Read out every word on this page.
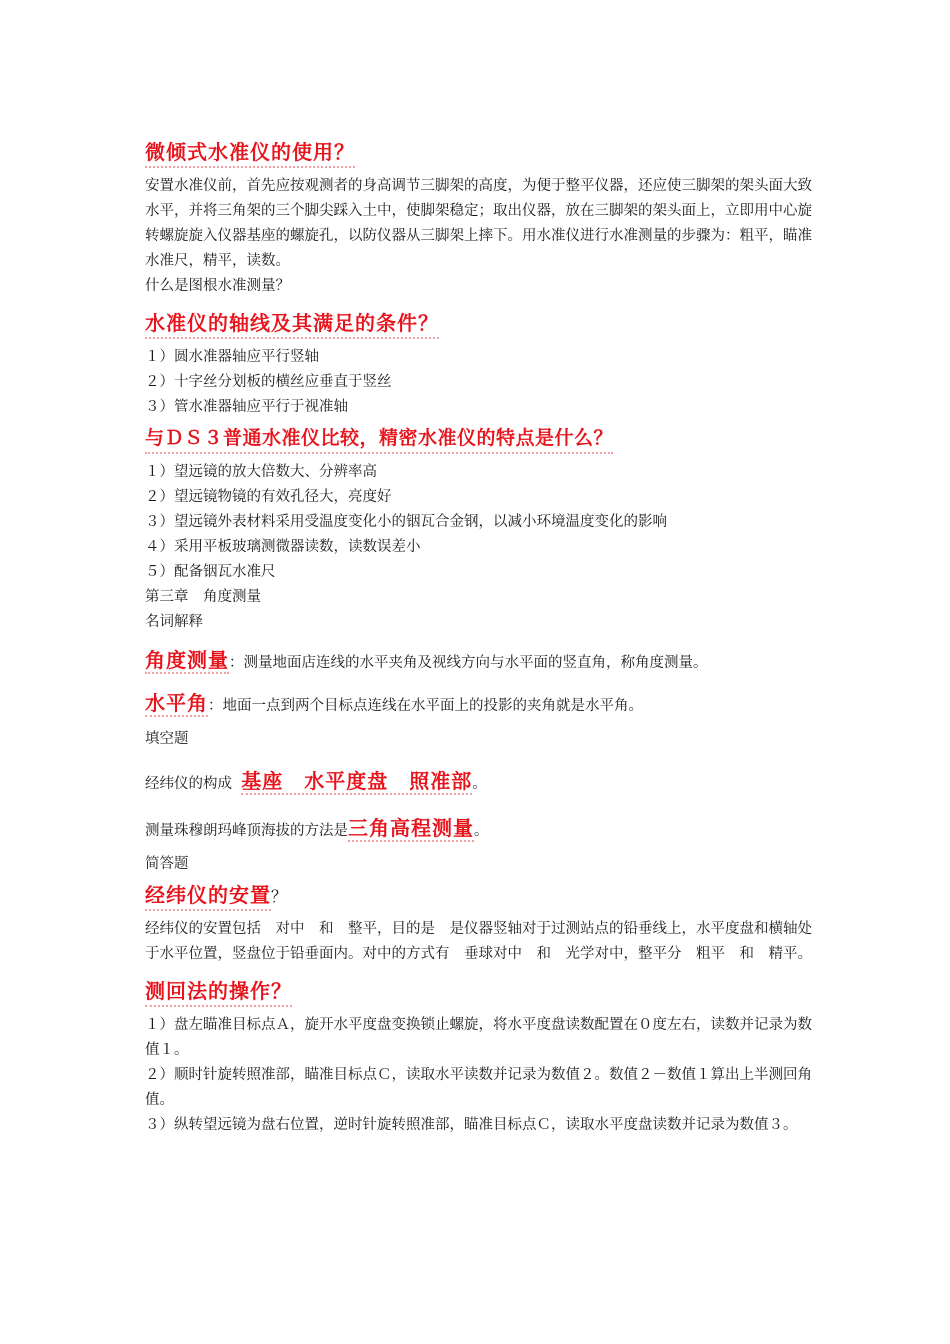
微倾式水准仪的使用？

安置水准仪前，首先应按观测者的身高调节三脚架的高度，为便于整平仪器，还应使三脚架的架头面大致水平，并将三角架的三个脚尖踩入土中，使脚架稳定；取出仪器，放在三脚架的架头面上，立即用中心旋转螺旋旋入仪器基座的螺旋孔，以防仪器从三脚架上摔下。用水准仪进行水准测量的步骤为：粗平，瞄准水准尺，精平，读数。

什么是图根水准测量？

水准仪的轴线及其满足的条件？
１）圆水准器轴应平行竖轴
２）十字丝分划板的横丝应垂直于竖丝
３）管水准器轴应平行于视准轴
与ＤＳ３普通水准仪比较，精密水准仪的特点是什么？
１）望远镜的放大倍数大、分辨率高
２）望远镜物镜的有效孔径大，亮度好
３）望远镜外表材料采用受温度变化小的铟瓦合金钢，以减小环境温度变化的影响
４）采用平板玻璃测微器读数，读数误差小
５）配备铟瓦水准尺

第三章　角度测量

名词解释

角度测量：测量地面店连线的水平夹角及视线方向与水平面的竖直角，称角度测量。
水平角：地面一点到两个目标点连线在水平面上的投影的夹角就是水平角。

填空题

经纬仪的构成 基座　水平度盘　照准部。
测量珠穆朗玛峰顶海拔的方法是三角高程测量。

简答题

经纬仪的安置？

经纬仪的安置包括　对中　和　整平，目的是　是仪器竖轴对于过测站点的铅垂线上，水平度盘和横轴处于水平位置，竖盘位于铅垂面内。对中的方式有　垂球对中　和　光学对中，整平分　粗平　和　精平。

测回法的操作？
１）盘左瞄准目标点Ａ，旋开水平度盘变换锁止螺旋，将水平度盘读数配置在０度左右，读数并记录为数值１。
２）顺时针旋转照准部，瞄准目标点Ｃ，读取水平读数并记录为数值２。数值２－数值１算出上半测回角值。
３）纵转望远镜为盘右位置，逆时针旋转照准部，瞄准目标点Ｃ，读取水平度盘读数并记录为数值３。
